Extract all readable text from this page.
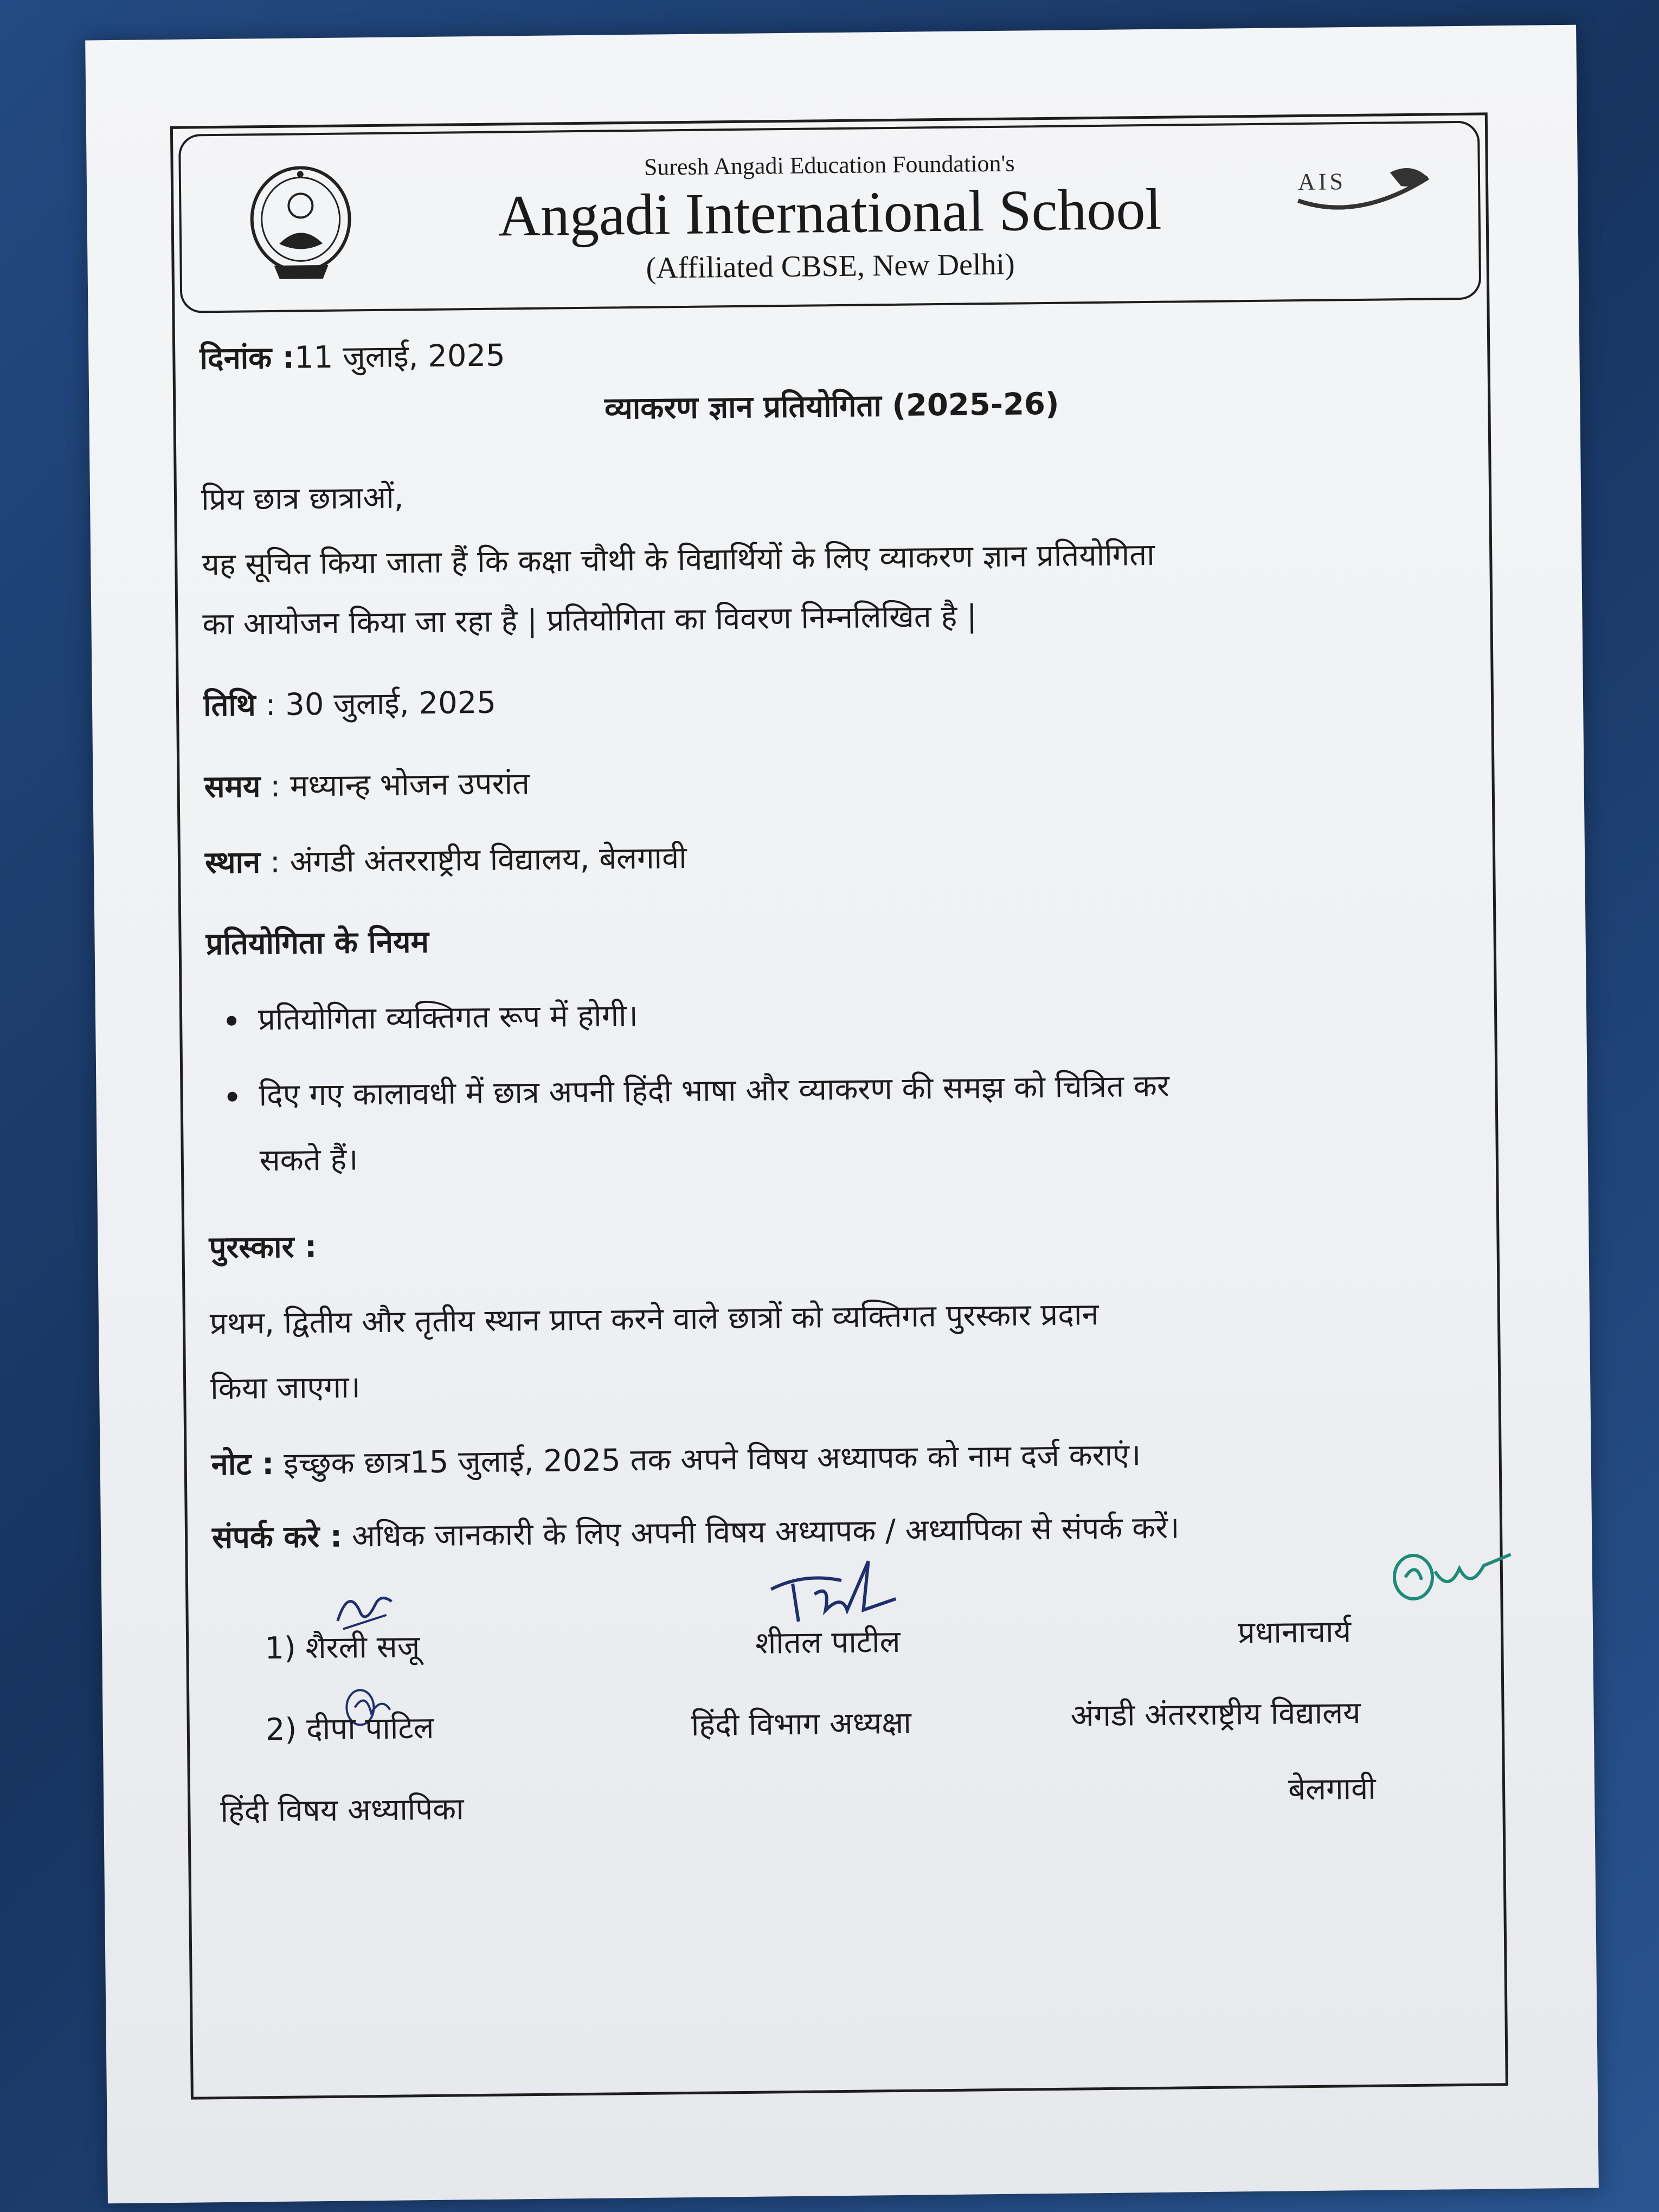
Suresh Angadi Education Foundation's
Angadi International School
(Affiliated CBSE, New Delhi)
AIS
दिनांक :11 जुलाई, 2025
व्याकरण ज्ञान प्रतियोगिता (2025-26)
प्रिय छात्र छात्राओं,
यह सूचित किया जाता हैं कि कक्षा चौथी के विद्यार्थियों के लिए व्याकरण ज्ञान प्रतियोगिता
का आयोजन किया जा रहा है | प्रतियोगिता का विवरण निम्नलिखित है |
तिथि : 30 जुलाई, 2025
समय : मध्यान्ह भोजन उपरांत
स्थान : अंगडी अंतरराष्ट्रीय विद्यालय, बेलगावी
प्रतियोगिता के नियम
प्रतियोगिता व्यक्तिगत रूप में होगी।
दिए गए कालावधी में छात्र अपनी हिंदी भाषा और व्याकरण की समझ को चित्रित कर
सकते हैं।
पुरस्कार :
प्रथम, द्वितीय और तृतीय स्थान प्राप्त करने वाले छात्रों को व्यक्तिगत पुरस्कार प्रदान
किया जाएगा।
नोट : इच्छुक छात्र15 जुलाई, 2025 तक अपने विषय अध्यापक को नाम दर्ज कराएं।
संपर्क करे : अधिक जानकारी के लिए अपनी विषय अध्यापक / अध्यापिका से संपर्क करें।
1) शैरली सजू
2) दीपा पाटिल
हिंदी विषय अध्यापिका
शीतल पाटील
हिंदी विभाग अध्यक्षा
प्रधानाचार्य
अंगडी अंतरराष्ट्रीय विद्यालय
बेलगावी
